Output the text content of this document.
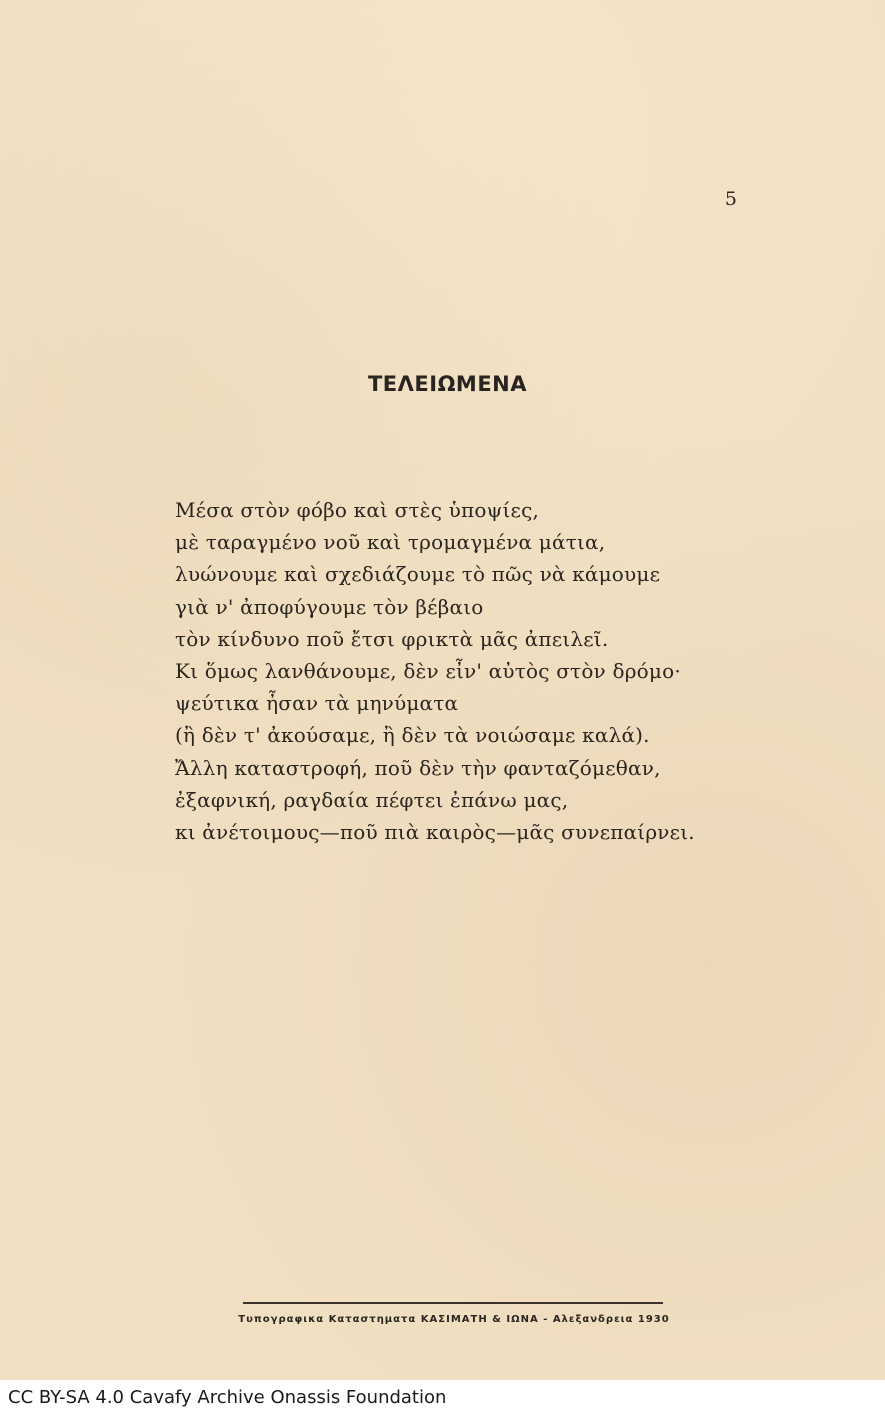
5
ΤΕΛΕΙΩΜΕΝΑ
Μέσα στὸν φόβο καὶ στὲς ὑποψίες,
μὲ ταραγμένο νοῦ καὶ τρομαγμένα μάτια,
λυώνουμε καὶ σχεδιάζουμε τὸ πῶς νὰ κάμουμε
γιὰ ν' ἀποφύγουμε τὸν βέβαιο
τὸν κίνδυνο ποῦ ἔτσι φρικτὰ μᾶς ἀπειλεῖ.
Κι ὅμως λανθάνουμε, δὲν εἶν' αὐτὸς στὸν δρόμο·
ψεύτικα ἦσαν τὰ μηνύματα
(ἢ δὲν τ' ἀκούσαμε, ἢ δὲν τὰ νοιώσαμε καλά).
Ἄλλη καταστροφή, ποῦ δὲν τὴν φανταζόμεθαν,
ἐξαφνική, ραγδαία πέφτει ἐπάνω μας,
κι ἀνέτοιμους—ποῦ πιὰ καιρὸς—μᾶς συνεπαίρνει.
Τυπογραφικα Καταστηματα ΚΑΣΙΜΑΤΗ & ΙΩΝΑ - Αλεξανδρεια 1930
CC BY-SA 4.0 Cavafy Archive Onassis Foundation
